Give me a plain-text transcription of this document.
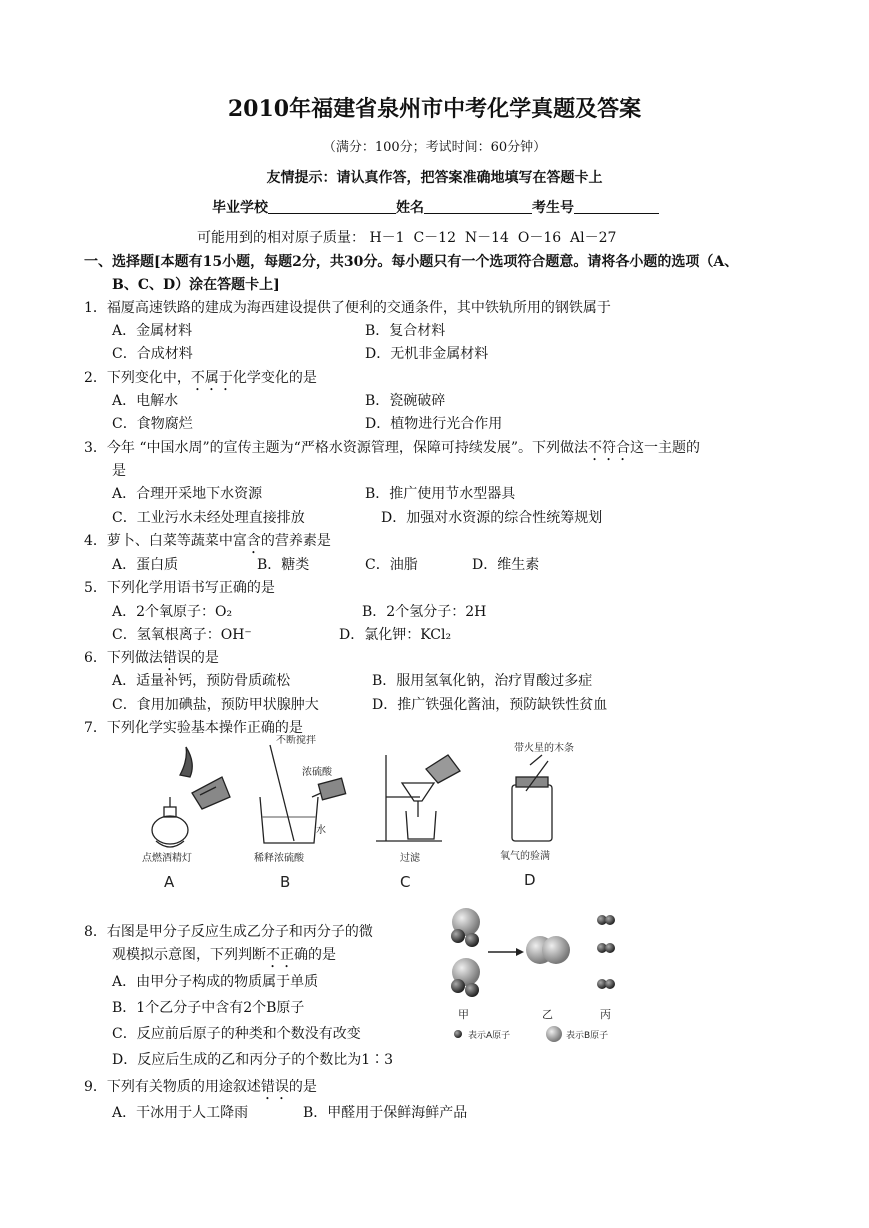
2010年福建省泉州市中考化学真题及答案
（满分：100分；考试时间：60分钟）
友情提示：请认真作答，把答案准确地填写在答题卡上
毕业学校	姓名	考生号
可能用到的相对原子质量： H－1  C－12  N－14  O－16  Al－27
一、选择题[本题有15小题，每题2分，共30分。每小题只有一个选项符合题意。请将各小题的选项（A、
B、C、D）涂在答题卡上]
1．福厦高速铁路的建成为海西建设提供了便利的交通条件，其中铁轨所用的钢铁属于
A．金属材料	B．复合材料
C．合成材料	D．无机非金属材料
2．下列变化中，不属于化学变化的是
A．电解水	B．瓷碗破碎
C．食物腐烂	D．植物进行光合作用
3．今年 “中国水周”的宣传主题为“严格水资源管理，保障可持续发展”。下列做法不符合这一主题的
是
A．合理开采地下水资源	B．推广使用节水型器具
C．工业污水未经处理直接排放	D．加强对水资源的综合性统筹规划
4．萝卜、白菜等蔬菜中富含的营养素是
A．蛋白质	B．糖类	C．油脂	D．维生素
5．下列化学用语书写正确的是
A．2个氧原子：O₂	B．2个氢分子：2H
C．氢氧根离子：OH⁻	D．氯化钾：KCl₂
6．下列做法错误的是
A．适量补钙，预防骨质疏松	B．服用氢氧化钠，治疗胃酸过多症
C．食用加碘盐，预防甲状腺肿大	D．推广铁强化酱油，预防缺铁性贫血
7．下列化学实验基本操作正确的是
点燃酒精灯
A
不断搅拌
浓硫酸
水
稀释浓硫酸
B
过滤
C
带火星的木条
氧气的验满
D
8．右图是甲分子反应生成乙分子和丙分子的微
观模拟示意图，下列判断不正确的是
A．由甲分子构成的物质属于单质
B．1个乙分子中含有2个B原子
C．反应前后原子的种类和个数没有改变
D．反应后生成的乙和丙分子的个数比为1∶3
甲	乙	丙
表示A原子	表示B原子
9．下列有关物质的用途叙述错误的是
A．干冰用于人工降雨	B．甲醛用于保鲜海鲜产品
